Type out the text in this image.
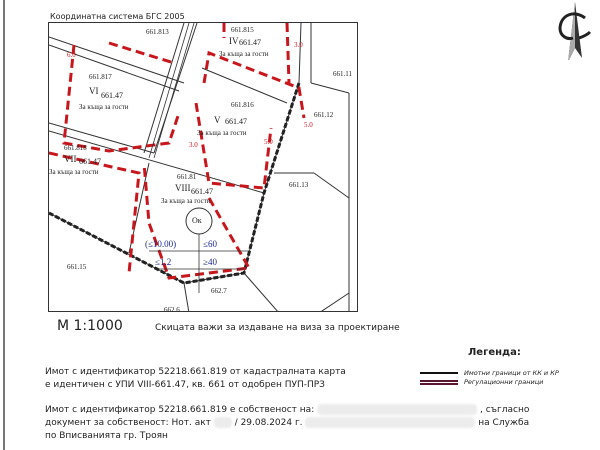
Координатна система БГС 2005
661.817
VI 661.47
За къща за гости
661.815
IV 661.47
За къща за гости
661.816
V 661.47
За къща за гости
661.818
VII 661.47
За къща за гости
661.81
VIII 661.47
За къща за гости
661.813
661.11
661.12
661.13
661.15
662.7
662.6
Ок
(≤10.00)	≤60
≤1.2	≥40
6.0
3.0
5.0
3.0	5.0
M 1:1000	Скицата важи за издаване на виза за проектиране
Легенда:
Имотни граници от КК и КР
Регулационни граници
Имот с идентификатор 52218.661.819 от кадастралната карта
е идентичен с УПИ VIII-661.47, кв. 661 от одобрен ПУП-ПРЗ
Имот с идентификатор 52218.661.819 е собственост на:	, съгласно
документ за собственост: Нот. акт	/ 29.08.2024 г.	на Служба
по Вписванията гр. Троян
